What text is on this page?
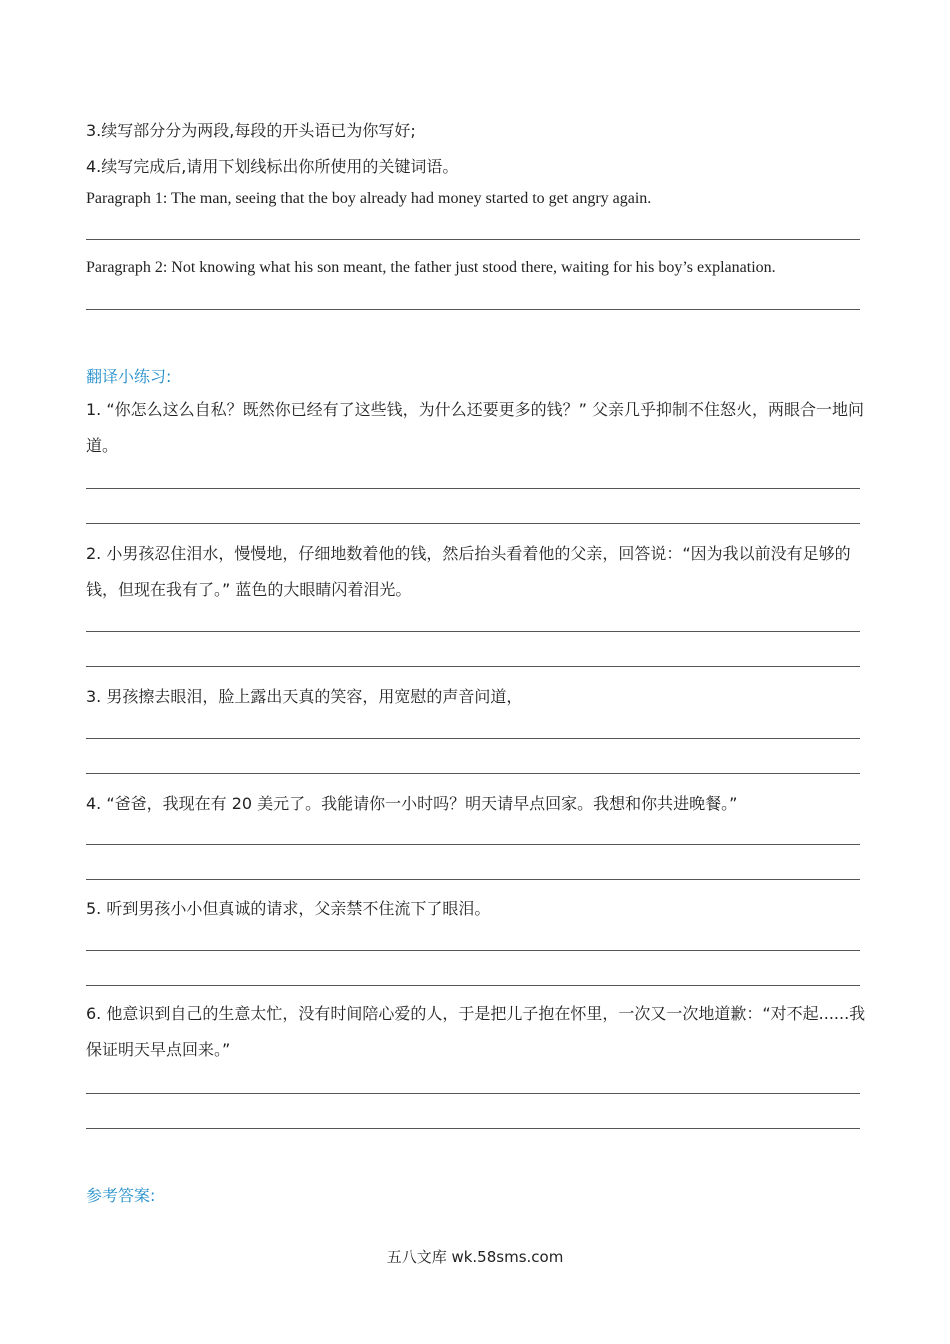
3.续写部分分为两段,每段的开头语已为你写好;
4.续写完成后,请用下划线标出你所使用的关键词语。
Paragraph 1: The man, seeing that the boy already had money started to get angry again.
Paragraph 2: Not knowing what his son meant, the father just stood there, waiting for his boy’s explanation.
翻译小练习:
1. “你怎么这么自私？既然你已经有了这些钱，为什么还要更多的钱？” 父亲几乎抑制不住怒火，两眼合一地问道。
2. 小男孩忍住泪水，慢慢地，仔细地数着他的钱，然后抬头看着他的父亲，回答说：“因为我以前没有足够的钱，但现在我有了。” 蓝色的大眼睛闪着泪光。
3. 男孩擦去眼泪，脸上露出天真的笑容，用宽慰的声音问道，
4. “爸爸，我现在有 20 美元了。我能请你一小时吗？明天请早点回家。我想和你共进晚餐。”
5. 听到男孩小小但真诚的请求，父亲禁不住流下了眼泪。
6. 他意识到自己的生意太忙，没有时间陪心爱的人，于是把儿子抱在怀里，一次又一次地道歉：“对不起......我保证明天早点回来。”
参考答案:
五八文库 wk.58sms.com
